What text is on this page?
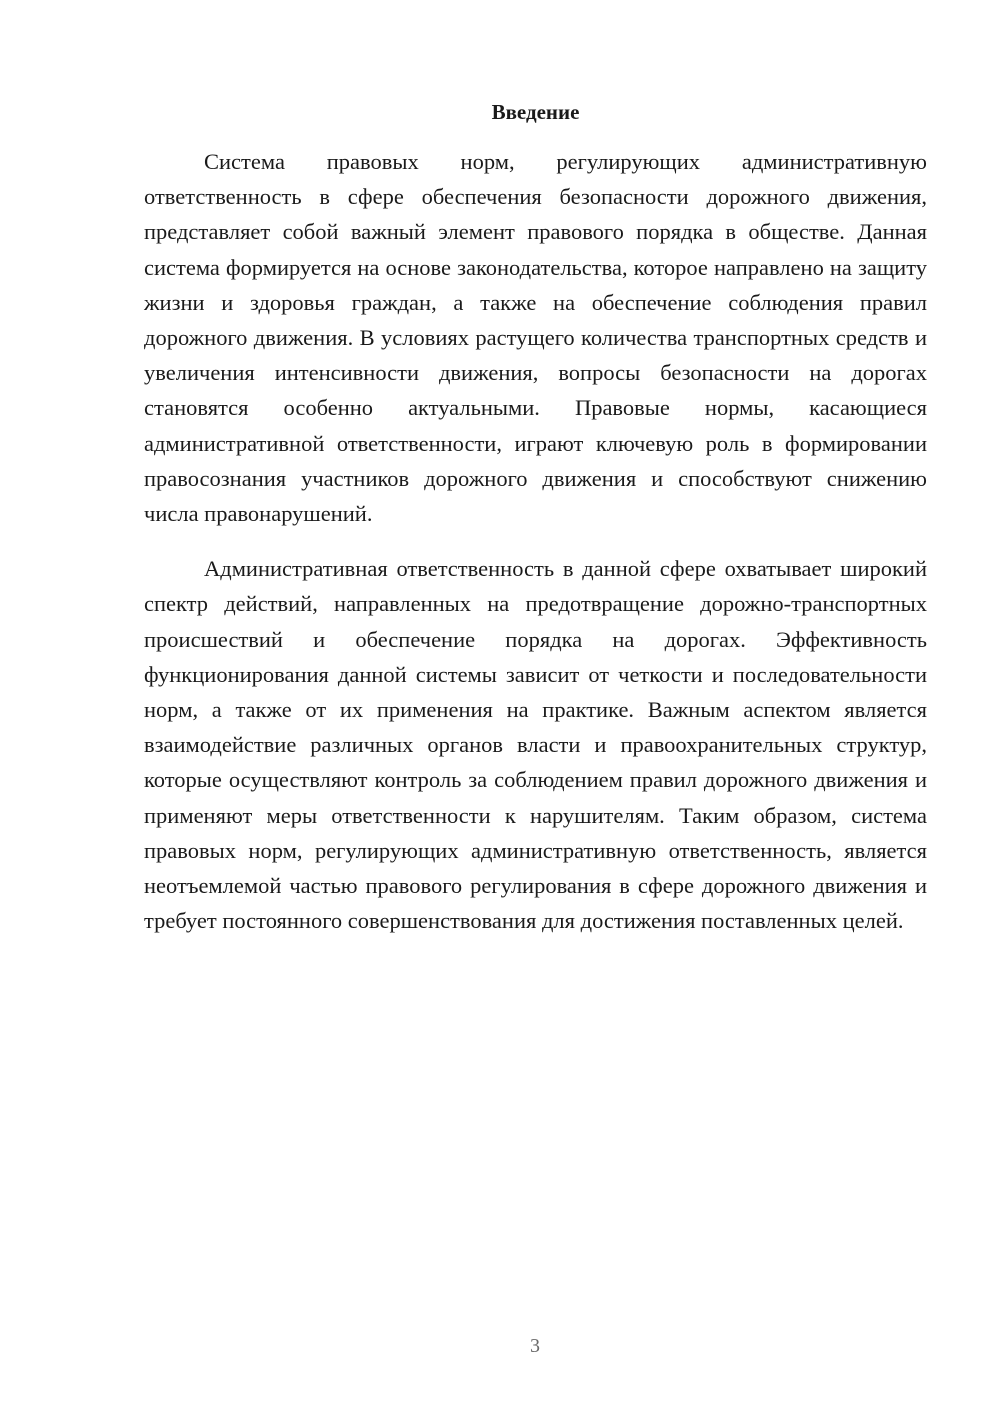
Введение

Система правовых норм, регулирующих административную ответственность в сфере обеспечения безопасности дорожного движения, представляет собой важный элемент правового порядка в обществе. Данная система формируется на основе законодательства, которое направлено на защиту жизни и здоровья граждан, а также на обеспечение соблюдения правил дорожного движения. В условиях растущего количества транспортных средств и увеличения интенсивности движения, вопросы безопасности на дорогах становятся особенно актуальными. Правовые нормы, касающиеся административной ответственности, играют ключевую роль в формировании правосознания участников дорожного движения и способствуют снижению числа правонарушений.

Административная ответственность в данной сфере охватывает широкий спектр действий, направленных на предотвращение дорожно-транспортных происшествий и обеспечение порядка на дорогах. Эффективность функционирования данной системы зависит от четкости и последовательности норм, а также от их применения на практике. Важным аспектом является взаимодействие различных органов власти и правоохранительных структур, которые осуществляют контроль за соблюдением правил дорожного движения и применяют меры ответственности к нарушителям. Таким образом, система правовых норм, регулирующих административную ответственность, является неотъемлемой частью правового регулирования в сфере дорожного движения и требует постоянного совершенствования для достижения поставленных целей.

3
